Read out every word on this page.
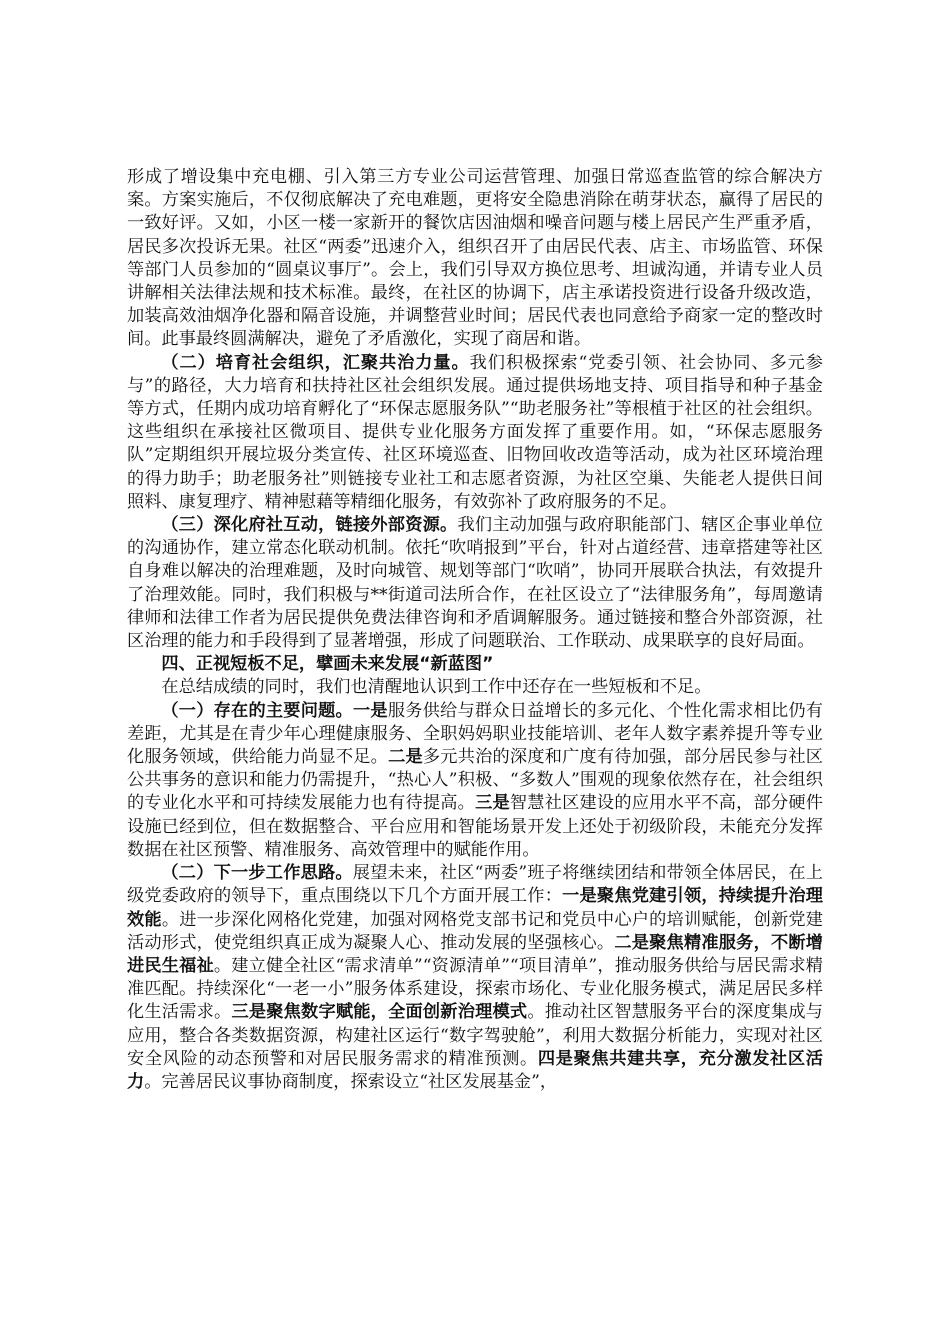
形成了增设集中充电棚、引入第三方专业公司运营管理、加强日常巡查监管的综合解决方案。方案实施后，不仅彻底解决了充电难题，更将安全隐患消除在萌芽状态，赢得了居民的一致好评。又如，小区一楼一家新开的餐饮店因油烟和噪音问题与楼上居民产生严重矛盾，居民多次投诉无果。社区“两委”迅速介入，组织召开了由居民代表、店主、市场监管、环保等部门人员参加的“圆桌议事厅”。会上，我们引导双方换位思考、坦诚沟通，并请专业人员讲解相关法律法规和技术标准。最终，在社区的协调下，店主承诺投资进行设备升级改造，加装高效油烟净化器和隔音设施，并调整营业时间；居民代表也同意给予商家一定的整改时间。此事最终圆满解决，避免了矛盾激化，实现了商居和谐。

（二）培育社会组织，汇聚共治力量。我们积极探索“党委引领、社会协同、多元参与”的路径，大力培育和扶持社区社会组织发展。通过提供场地支持、项目指导和种子基金等方式，任期内成功培育孵化了“环保志愿服务队”“助老服务社”等根植于社区的社会组织。这些组织在承接社区微项目、提供专业化服务方面发挥了重要作用。如，“环保志愿服务队”定期组织开展垃圾分类宣传、社区环境巡查、旧物回收改造等活动，成为社区环境治理的得力助手；助老服务社”则链接专业社工和志愿者资源，为社区空巢、失能老人提供日间照料、康复理疗、精神慰藉等精细化服务，有效弥补了政府服务的不足。

（三）深化府社互动，链接外部资源。我们主动加强与政府职能部门、辖区企事业单位的沟通协作，建立常态化联动机制。依托“吹哨报到”平台，针对占道经营、违章搭建等社区自身难以解决的治理难题，及时向城管、规划等部门“吹哨”，协同开展联合执法，有效提升了治理效能。同时，我们积极与**街道司法所合作，在社区设立了“法律服务角”，每周邀请律师和法律工作者为居民提供免费法律咨询和矛盾调解服务。通过链接和整合外部资源，社区治理的能力和手段得到了显著增强，形成了问题联治、工作联动、成果联享的良好局面。

四、正视短板不足，擘画未来发展“新蓝图”

在总结成绩的同时，我们也清醒地认识到工作中还存在一些短板和不足。

（一）存在的主要问题。一是服务供给与群众日益增长的多元化、个性化需求相比仍有差距，尤其是在青少年心理健康服务、全职妈妈职业技能培训、老年人数字素养提升等专业化服务领域，供给能力尚显不足。二是多元共治的深度和广度有待加强，部分居民参与社区公共事务的意识和能力仍需提升，“热心人”积极、“多数人”围观的现象依然存在，社会组织的专业化水平和可持续发展能力也有待提高。三是智慧社区建设的应用水平不高，部分硬件设施已经到位，但在数据整合、平台应用和智能场景开发上还处于初级阶段，未能充分发挥数据在社区预警、精准服务、高效管理中的赋能作用。

（二）下一步工作思路。展望未来，社区“两委”班子将继续团结和带领全体居民，在上级党委政府的领导下，重点围绕以下几个方面开展工作：一是聚焦党建引领，持续提升治理效能。进一步深化网格化党建，加强对网格党支部书记和党员中心户的培训赋能，创新党建活动形式，使党组织真正成为凝聚人心、推动发展的坚强核心。二是聚焦精准服务，不断增进民生福祉。建立健全社区“需求清单”“资源清单”“项目清单”，推动服务供给与居民需求精准匹配。持续深化“一老一小”服务体系建设，探索市场化、专业化服务模式，满足居民多样化生活需求。三是聚焦数字赋能，全面创新治理模式。推动社区智慧服务平台的深度集成与应用，整合各类数据资源，构建社区运行“数字驾驶舱”，利用大数据分析能力，实现对社区安全风险的动态预警和对居民服务需求的精准预测。四是聚焦共建共享，充分激发社区活力。完善居民议事协商制度，探索设立“社区发展基金”，
